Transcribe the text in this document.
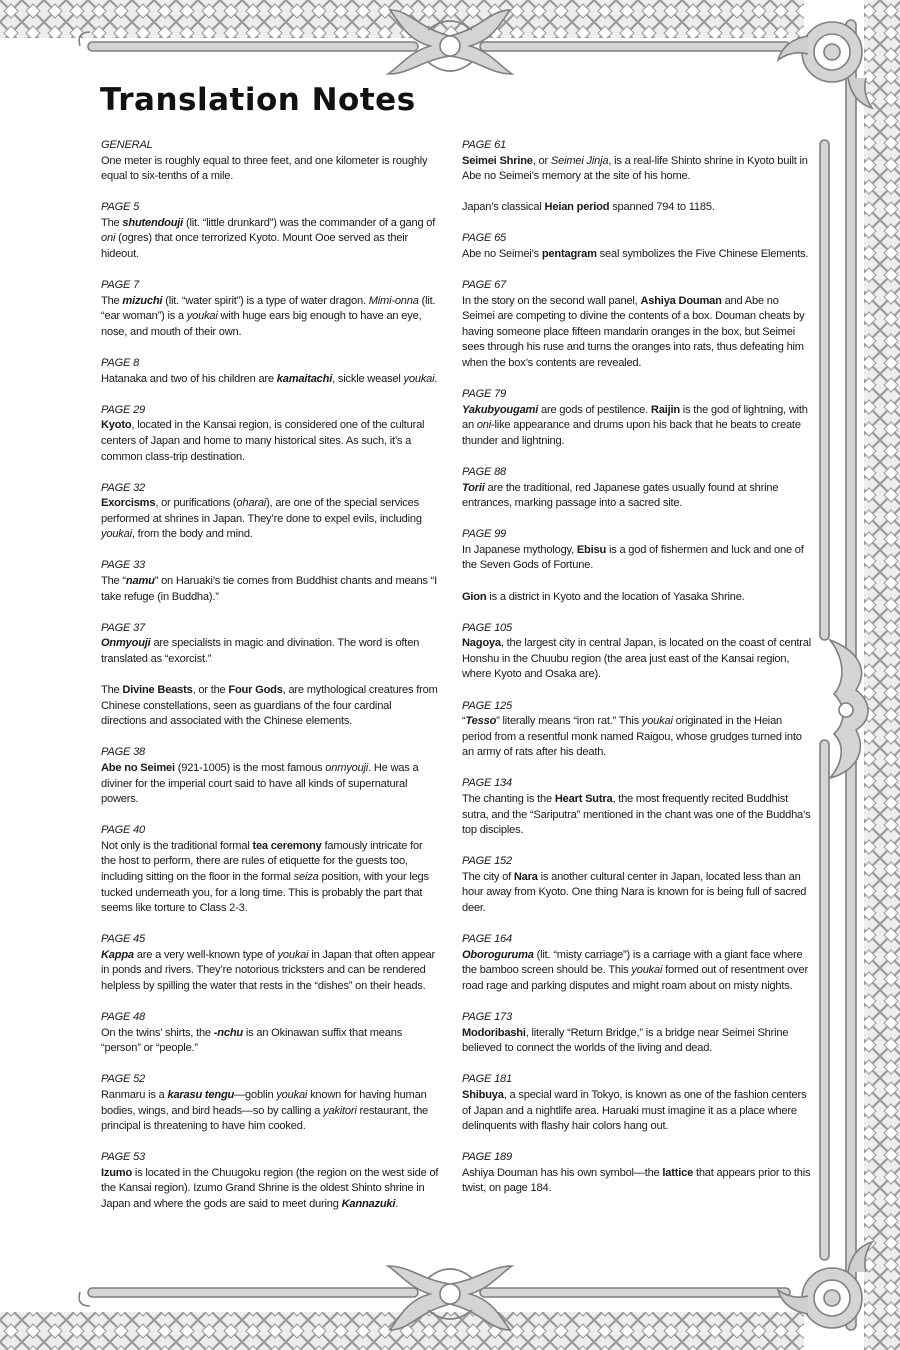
Translation Notes
GENERAL

One meter is roughly equal to three feet, and one kilometer is roughly equal to six-tenths of a mile.

PAGE 5

The shutendouji (lit. “little drunkard”) was the commander of a gang of oni (ogres) that once terrorized Kyoto. Mount Ooe served as their hideout.

PAGE 7

The mizuchi (lit. “water spirit”) is a type of water dragon. Mimi-onna (lit. “ear woman”) is a youkai with huge ears big enough to have an eye, nose, and mouth of their own.

PAGE 8

Hatanaka and two of his children are kamaitachi, sickle weasel youkai.

PAGE 29

Kyoto, located in the Kansai region, is considered one of the cultural centers of Japan and home to many historical sites. As such, it’s a common class-trip destination.

PAGE 32

Exorcisms, or purifications (oharai), are one of the special services performed at shrines in Japan. They’re done to expel evils, including youkai, from the body and mind.

PAGE 33

The “namu” on Haruaki’s tie comes from Buddhist chants and means “I take refuge (in Buddha).”

PAGE 37

Onmyouji are specialists in magic and divination. The word is often translated as “exorcist.”

The Divine Beasts, or the Four Gods, are mythological creatures from Chinese constellations, seen as guardians of the four cardinal directions and associated with the Chinese elements.

PAGE 38

Abe no Seimei (921-1005) is the most famous onmyouji. He was a diviner for the imperial court said to have all kinds of supernatural powers.

PAGE 40

Not only is the traditional formal tea ceremony famously intricate for the host to perform, there are rules of etiquette for the guests too, including sitting on the floor in the formal seiza position, with your legs tucked underneath you, for a long time. This is probably the part that seems like torture to Class 2-3.

PAGE 45

Kappa are a very well-known type of youkai in Japan that often appear in ponds and rivers. They’re notorious tricksters and can be rendered helpless by spilling the water that rests in the “dishes” on their heads.

PAGE 48

On the twins’ shirts, the -nchu is an Okinawan suffix that means “person” or “people.”

PAGE 52

Ranmaru is a karasu tengu—goblin youkai known for having human bodies, wings, and bird heads—so by calling a yakitori restaurant, the principal is threatening to have him cooked.

PAGE 53

Izumo is located in the Chuugoku region (the region on the west side of the Kansai region). Izumo Grand Shrine is the oldest Shinto shrine in Japan and where the gods are said to meet during Kannazuki.

PAGE 61

Seimei Shrine, or Seimei Jinja, is a real-life Shinto shrine in Kyoto built in Abe no Seimei’s memory at the site of his home.

Japan’s classical Heian period spanned 794 to 1185.

PAGE 65

Abe no Seimei’s pentagram seal symbolizes the Five Chinese Elements.

PAGE 67

In the story on the second wall panel, Ashiya Douman and Abe no Seimei are competing to divine the contents of a box. Douman cheats by having someone place fifteen mandarin oranges in the box, but Seimei sees through his ruse and turns the oranges into rats, thus defeating him when the box’s contents are revealed.

PAGE 79

Yakubyougami are gods of pestilence. Raijin is the god of lightning, with an oni-like appearance and drums upon his back that he beats to create thunder and lightning.

PAGE 88

Torii are the traditional, red Japanese gates usually found at shrine entrances, marking passage into a sacred site.

PAGE 99

In Japanese mythology, Ebisu is a god of fishermen and luck and one of the Seven Gods of Fortune.

Gion is a district in Kyoto and the location of Yasaka Shrine.

PAGE 105

Nagoya, the largest city in central Japan, is located on the coast of central Honshu in the Chuubu region (the area just east of the Kansai region, where Kyoto and Osaka are).

PAGE 125

“Tesso” literally means “iron rat.” This youkai originated in the Heian period from a resentful monk named Raigou, whose grudges turned into an army of rats after his death.

PAGE 134

The chanting is the Heart Sutra, the most frequently recited Buddhist sutra, and the “Sariputra” mentioned in the chant was one of the Buddha’s top disciples.

PAGE 152

The city of Nara is another cultural center in Japan, located less than an hour away from Kyoto. One thing Nara is known for is being full of sacred deer.

PAGE 164

Oboroguruma (lit. “misty carriage”) is a carriage with a giant face where the bamboo screen should be. This youkai formed out of resentment over road rage and parking disputes and might roam about on misty nights.

PAGE 173

Modoribashi, literally “Return Bridge,” is a bridge near Seimei Shrine believed to connect the worlds of the living and dead.

PAGE 181

Shibuya, a special ward in Tokyo, is known as one of the fashion centers of Japan and a nightlife area. Haruaki must imagine it as a place where delinquents with flashy hair colors hang out.

PAGE 189

Ashiya Douman has his own symbol—the lattice that appears prior to this twist, on page 184.
